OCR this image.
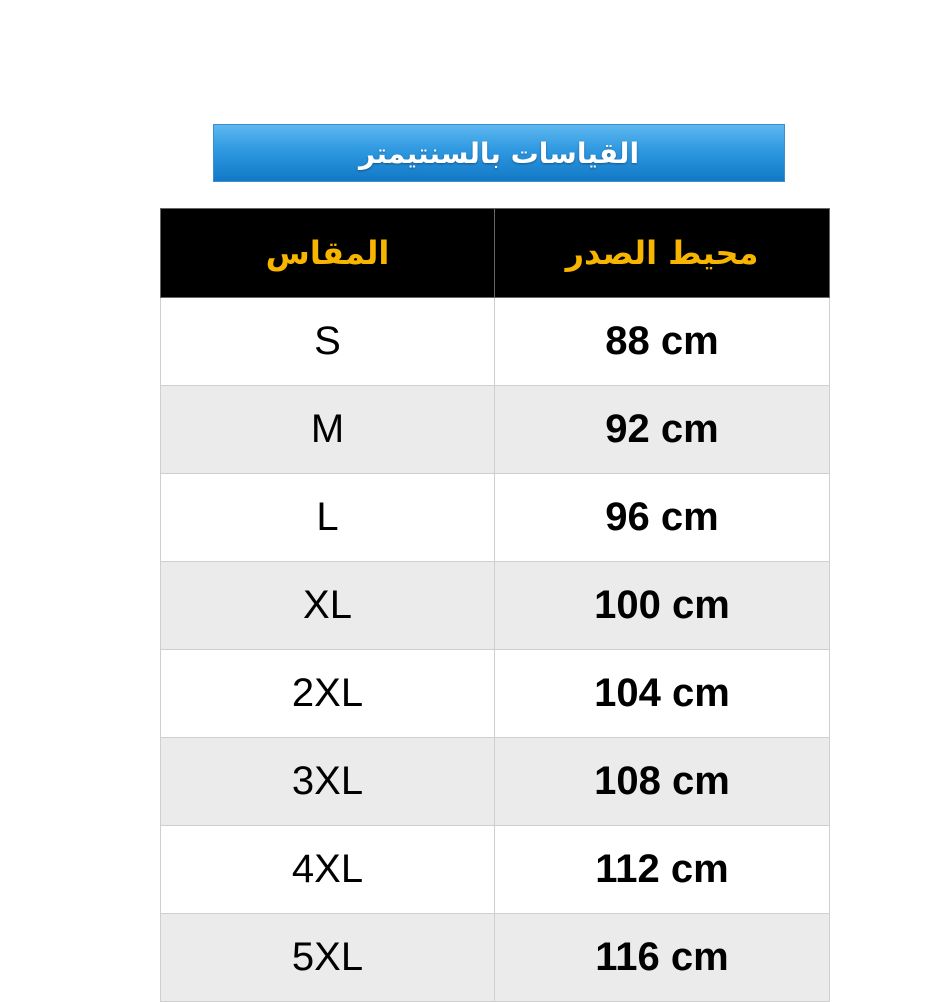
القياسات بالسنتيمتر
المقاس	محيط الصدر
S	88 cm
M	92 cm
L	96 cm
XL	100 cm
2XL	104 cm
3XL	108 cm
4XL	112 cm
5XL	116 cm
